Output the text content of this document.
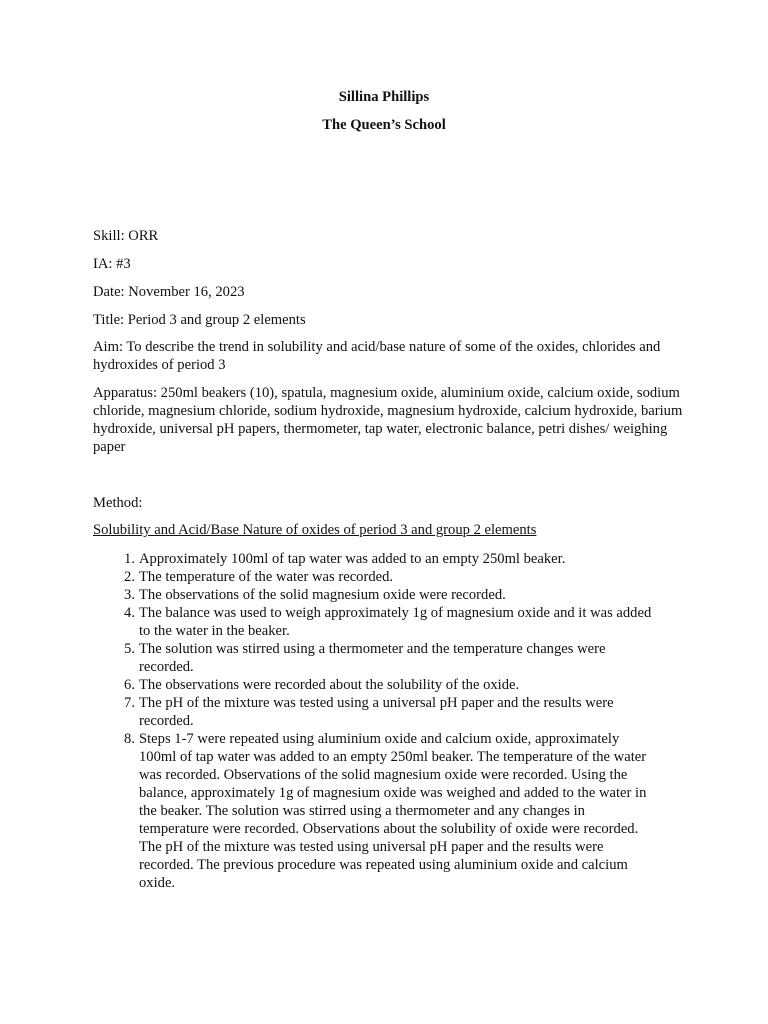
Sillina Phillips
The Queen’s School

Skill: ORR

IA: #3

Date: November 16, 2023

Title: Period 3 and group 2 elements

Aim: To describe the trend in solubility and acid/base nature of some of the oxides, chlorides and hydroxides of period 3

Apparatus: 250ml beakers (10), spatula, magnesium oxide, aluminium oxide, calcium oxide, sodium chloride, magnesium chloride, sodium hydroxide, magnesium hydroxide, calcium hydroxide, barium hydroxide, universal pH papers, thermometer, tap water, electronic balance, petri dishes/ weighing paper

Method:

Solubility and Acid/Base Nature of oxides of period 3 and group 2 elements

1. Approximately 100ml of tap water was added to an empty 250ml beaker.
2. The temperature of the water was recorded.
3. The observations of the solid magnesium oxide were recorded.
4. The balance was used to weigh approximately 1g of magnesium oxide and it was added to the water in the beaker.
5. The solution was stirred using a thermometer and the temperature changes were recorded.
6. The observations were recorded about the solubility of the oxide.
7. The pH of the mixture was tested using a universal pH paper and the results were recorded.
8. Steps 1-7 were repeated using aluminium oxide and calcium oxide, approximately 100ml of tap water was added to an empty 250ml beaker. The temperature of the water was recorded. Observations of the solid magnesium oxide were recorded. Using the balance, approximately 1g of magnesium oxide was weighed and added to the water in the beaker. The solution was stirred using a thermometer and any changes in temperature were recorded. Observations about the solubility of oxide were recorded. The pH of the mixture was tested using universal pH paper and the results were recorded. The previous procedure was repeated using aluminium oxide and calcium oxide.
